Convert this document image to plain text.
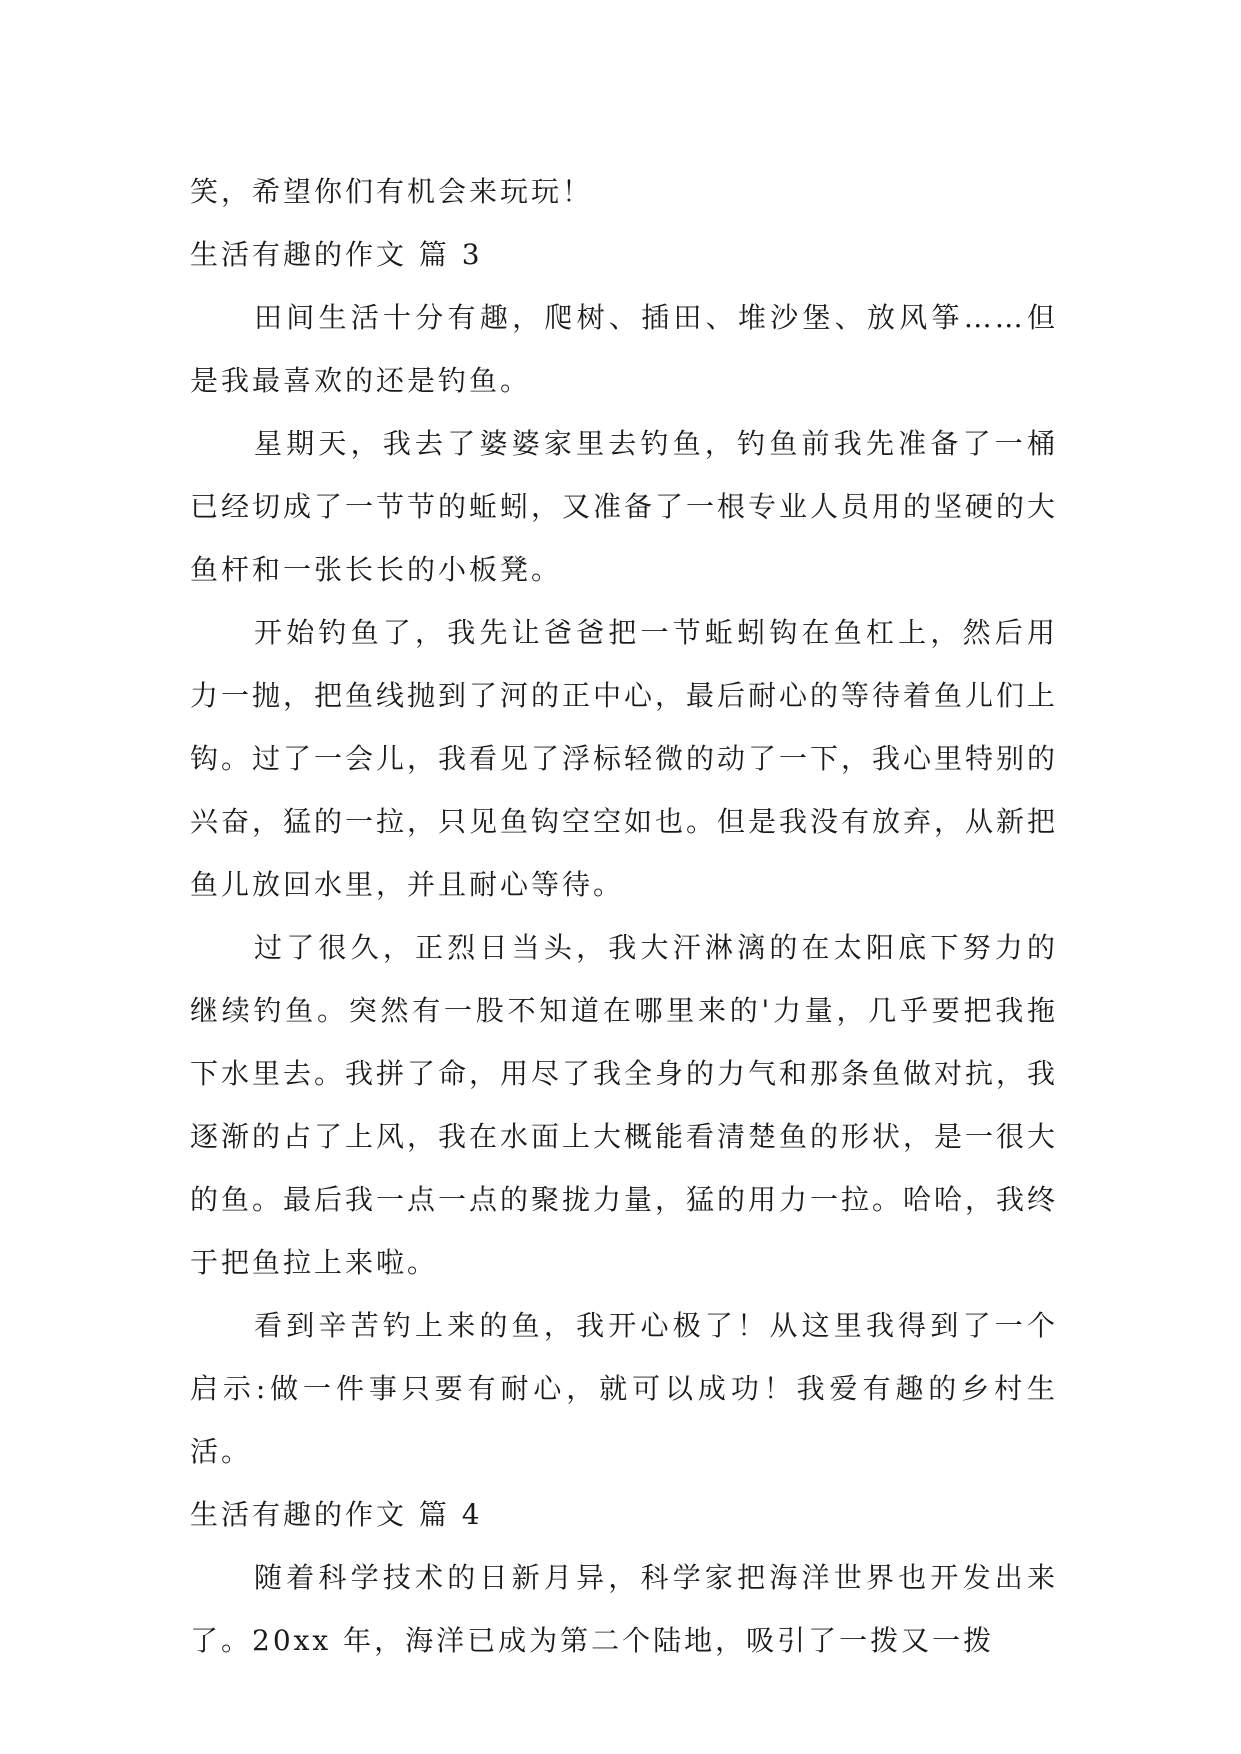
笑，希望你们有机会来玩玩！

生活有趣的作文 篇 3

田间生活十分有趣，爬树、插田、堆沙堡、放风筝……但是我最喜欢的还是钓鱼。

星期天，我去了婆婆家里去钓鱼，钓鱼前我先准备了一桶已经切成了一节节的蚯蚓，又准备了一根专业人员用的坚硬的大鱼杆和一张长长的小板凳。

开始钓鱼了，我先让爸爸把一节蚯蚓钩在鱼杠上，然后用力一抛，把鱼线抛到了河的正中心，最后耐心的等待着鱼儿们上钩。过了一会儿，我看见了浮标轻微的动了一下，我心里特别的兴奋，猛的一拉，只见鱼钩空空如也。但是我没有放弃，从新把鱼儿放回水里，并且耐心等待。

过了很久，正烈日当头，我大汗淋漓的在太阳底下努力的继续钓鱼。突然有一股不知道在哪里来的'力量，几乎要把我拖下水里去。我拼了命，用尽了我全身的力气和那条鱼做对抗，我逐渐的占了上风，我在水面上大概能看清楚鱼的形状，是一很大的鱼。最后我一点一点的聚拢力量，猛的用力一拉。哈哈，我终于把鱼拉上来啦。

看到辛苦钓上来的鱼，我开心极了！从这里我得到了一个启示:做一件事只要有耐心，就可以成功！我爱有趣的乡村生活。

生活有趣的作文 篇 4

随着科学技术的日新月异，科学家把海洋世界也开发出来了。20xx 年，海洋已成为第二个陆地，吸引了一拨又一拨
